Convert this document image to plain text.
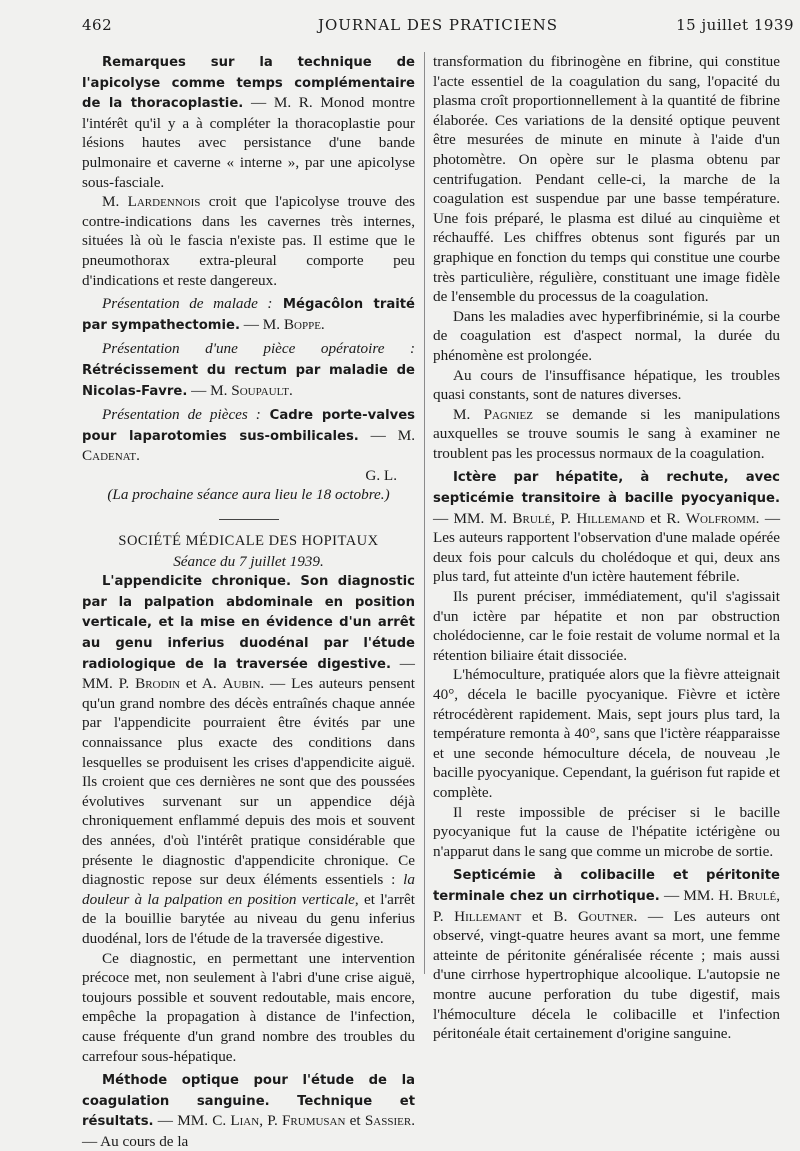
462	JOURNAL DES PRATICIENS	15 juillet 1939

Remarques sur la technique de l'apicolyse comme temps complémentaire de la thoracoplastie. — M. R. Monod montre l'intérêt qu'il y a à compléter la thoracoplastie pour lésions hautes avec persistance d'une bande pulmonaire et caverne « interne », par une apicolyse sous-fasciale.

M. Lardennois croit que l'apicolyse trouve des contre-indications dans les cavernes très internes, situées là où le fascia n'existe pas. Il estime que le pneumothorax extra-pleural comporte peu d'indications et reste dangereux.

Présentation de malade : Mégacôlon traité par sympathectomie. — M. Boppe.

Présentation d'une pièce opératoire : Rétrécissement du rectum par maladie de Nicolas-Favre. — M. Soupault.

Présentation de pièces : Cadre porte-valves pour laparotomies sus-ombilicales. — M. Cadenat.

G. L.

(La prochaine séance aura lieu le 18 octobre.)

SOCIÉTÉ MÉDICALE DES HOPITAUX

Séance du 7 juillet 1939.

L'appendicite chronique. Son diagnostic par la palpation abdominale en position verticale, et la mise en évidence d'un arrêt au genu inferius duodénal par l'étude radiologique de la traversée digestive. — MM. P. Brodin et A. Aubin. — Les auteurs pensent qu'un grand nombre des décès entraînés chaque année par l'appendicite pourraient être évités par une connaissance plus exacte des conditions dans lesquelles se produisent les crises d'appendicite aiguë. Ils croient que ces dernières ne sont que des poussées évolutives survenant sur un appendice déjà chroniquement enflammé depuis des mois et souvent des années, d'où l'intérêt pratique considérable que présente le diagnostic d'appendicite chronique. Ce diagnostic repose sur deux éléments essentiels : la douleur à la palpation en position verticale, et l'arrêt de la bouillie barytée au niveau du genu inferius duodénal, lors de l'étude de la traversée digestive.

Ce diagnostic, en permettant une intervention précoce met, non seulement à l'abri d'une crise aiguë, toujours possible et souvent redoutable, mais encore, empêche la propagation à distance de l'infection, cause fréquente d'un grand nombre des troubles du carrefour sous-hépatique.

Méthode optique pour l'étude de la coagulation sanguine. Technique et résultats. — MM. C. Lian, P. Frumusan et Sassier. — Au cours de la

transformation du fibrinogène en fibrine, qui constitue l'acte essentiel de la coagulation du sang, l'opacité du plasma croît proportionnellement à la quantité de fibrine élaborée. Ces variations de la densité optique peuvent être mesurées de minute en minute à l'aide d'un photomètre. On opère sur le plasma obtenu par centrifugation. Pendant celle-ci, la marche de la coagulation est suspendue par une basse température. Une fois préparé, le plasma est dilué au cinquième et réchauffé. Les chiffres obtenus sont figurés par un graphique en fonction du temps qui constitue une courbe très particulière, régulière, constituant une image fidèle de l'ensemble du processus de la coagulation.

Dans les maladies avec hyperfibrinémie, si la courbe de coagulation est d'aspect normal, la durée du phénomène est prolongée.

Au cours de l'insuffisance hépatique, les troubles quasi constants, sont de natures diverses.

M. Pagniez se demande si les manipulations auxquelles se trouve soumis le sang à examiner ne troublent pas les processus normaux de la coagulation.

Ictère par hépatite, à rechute, avec septicémie transitoire à bacille pyocyanique. — MM. M. Brulé, P. Hillemand et R. Wolfromm. — Les auteurs rapportent l'observation d'une malade opérée deux fois pour calculs du cholédoque et qui, deux ans plus tard, fut atteinte d'un ictère hautement fébrile.

Ils purent préciser, immédiatement, qu'il s'agissait d'un ictère par hépatite et non par obstruction cholédocienne, car le foie restait de volume normal et la rétention biliaire était dissociée.

L'hémoculture, pratiquée alors que la fièvre atteignait 40°, décela le bacille pyocyanique. Fièvre et ictère rétrocédèrent rapidement. Mais, sept jours plus tard, la température remonta à 40°, sans que l'ictère réapparaisse et une seconde hémoculture décela, de nouveau ,le bacille pyocyanique. Cependant, la guérison fut rapide et complète.

Il reste impossible de préciser si le bacille pyocyanique fut la cause de l'hépatite ictérigène ou n'apparut dans le sang que comme un microbe de sortie.

Septicémie à colibacille et péritonite terminale chez un cirrhotique. — MM. H. Brulé, P. Hillemant et B. Goutner. — Les auteurs ont observé, vingt-quatre heures avant sa mort, une femme atteinte de péritonite généralisée récente ; mais aussi d'une cirrhose hypertrophique alcoolique. L'autopsie ne montre aucune perforation du tube digestif, mais l'hémoculture décela le colibacille et l'infection péritonéale était certainement d'origine sanguine.
